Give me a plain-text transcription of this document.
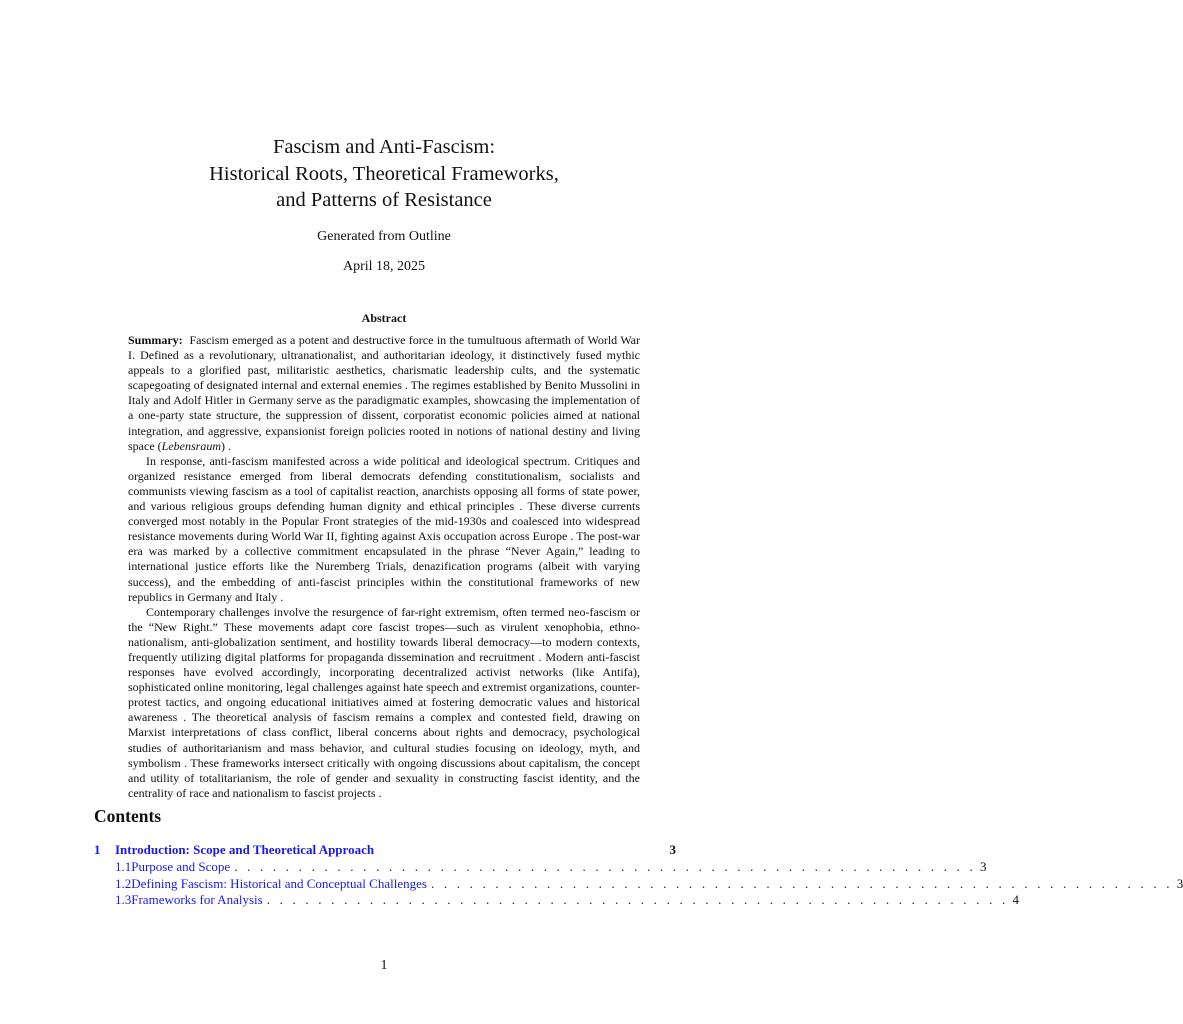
Fascism and Anti-Fascism:
Historical Roots, Theoretical Frameworks,
and Patterns of Resistance
Generated from Outline
April 18, 2025
Abstract

Summary: Fascism emerged as a potent and destructive force in the tumultuous aftermath of World War I. Defined as a revolutionary, ultranationalist, and authoritarian ideology, it distinctively fused mythic appeals to a glorified past, militaristic aesthetics, charismatic leadership cults, and the systematic scapegoating of designated internal and external enemies . The regimes established by Benito Mussolini in Italy and Adolf Hitler in Germany serve as the paradigmatic examples, showcasing the implementation of a one-party state structure, the suppression of dissent, corporatist economic policies aimed at national integration, and aggressive, expansionist foreign policies rooted in notions of national destiny and living space (Lebensraum) .

In response, anti-fascism manifested across a wide political and ideological spectrum. Critiques and organized resistance emerged from liberal democrats defending constitutionalism, socialists and communists viewing fascism as a tool of capitalist reaction, anarchists opposing all forms of state power, and various religious groups defending human dignity and ethical principles . These diverse currents converged most notably in the Popular Front strategies of the mid-1930s and coalesced into widespread resistance movements during World War II, fighting against Axis occupation across Europe . The post-war era was marked by a collective commitment encapsulated in the phrase “Never Again,” leading to international justice efforts like the Nuremberg Trials, denazification programs (albeit with varying success), and the embedding of anti-fascist principles within the constitutional frameworks of new republics in Germany and Italy .

Contemporary challenges involve the resurgence of far-right extremism, often termed neo-fascism or the “New Right.” These movements adapt core fascist tropes—such as virulent xenophobia, ethno-nationalism, anti-globalization sentiment, and hostility towards liberal democracy—to modern contexts, frequently utilizing digital platforms for propaganda dissemination and recruitment . Modern anti-fascist responses have evolved accordingly, incorporating decentralized activist networks (like Antifa), sophisticated online monitoring, legal challenges against hate speech and extremist organizations, counter-protest tactics, and ongoing educational initiatives aimed at fostering democratic values and historical awareness . The theoretical analysis of fascism remains a complex and contested field, drawing on Marxist interpretations of class conflict, liberal concerns about rights and democracy, psychological studies of authoritarianism and mass behavior, and cultural studies focusing on ideology, myth, and symbolism . These frameworks intersect critically with ongoing discussions about capitalism, the concept and utility of totalitarianism, the role of gender and sexuality in constructing fascist identity, and the centrality of race and nationalism to fascist projects .

Contents
1	Introduction: Scope and Theoretical Approach	3
1.1 Purpose and Scope . . . . . . . . . . . . . . . . . . . . . . . . . . . . . . . . . . . . . . . . . . . . . . . . . . . . . . . . . . 3
1.2 Defining Fascism: Historical and Conceptual Challenges . . . . . . . . . . . . . . . . . . . . . . . . . . . . . . . . . . . . . . . . . . . . . . . . . . . . . . . . . . 3
1.3 Frameworks for Analysis . . . . . . . . . . . . . . . . . . . . . . . . . . . . . . . . . . . . . . . . . . . . . . . . . . . . . . . . . . 4
1
